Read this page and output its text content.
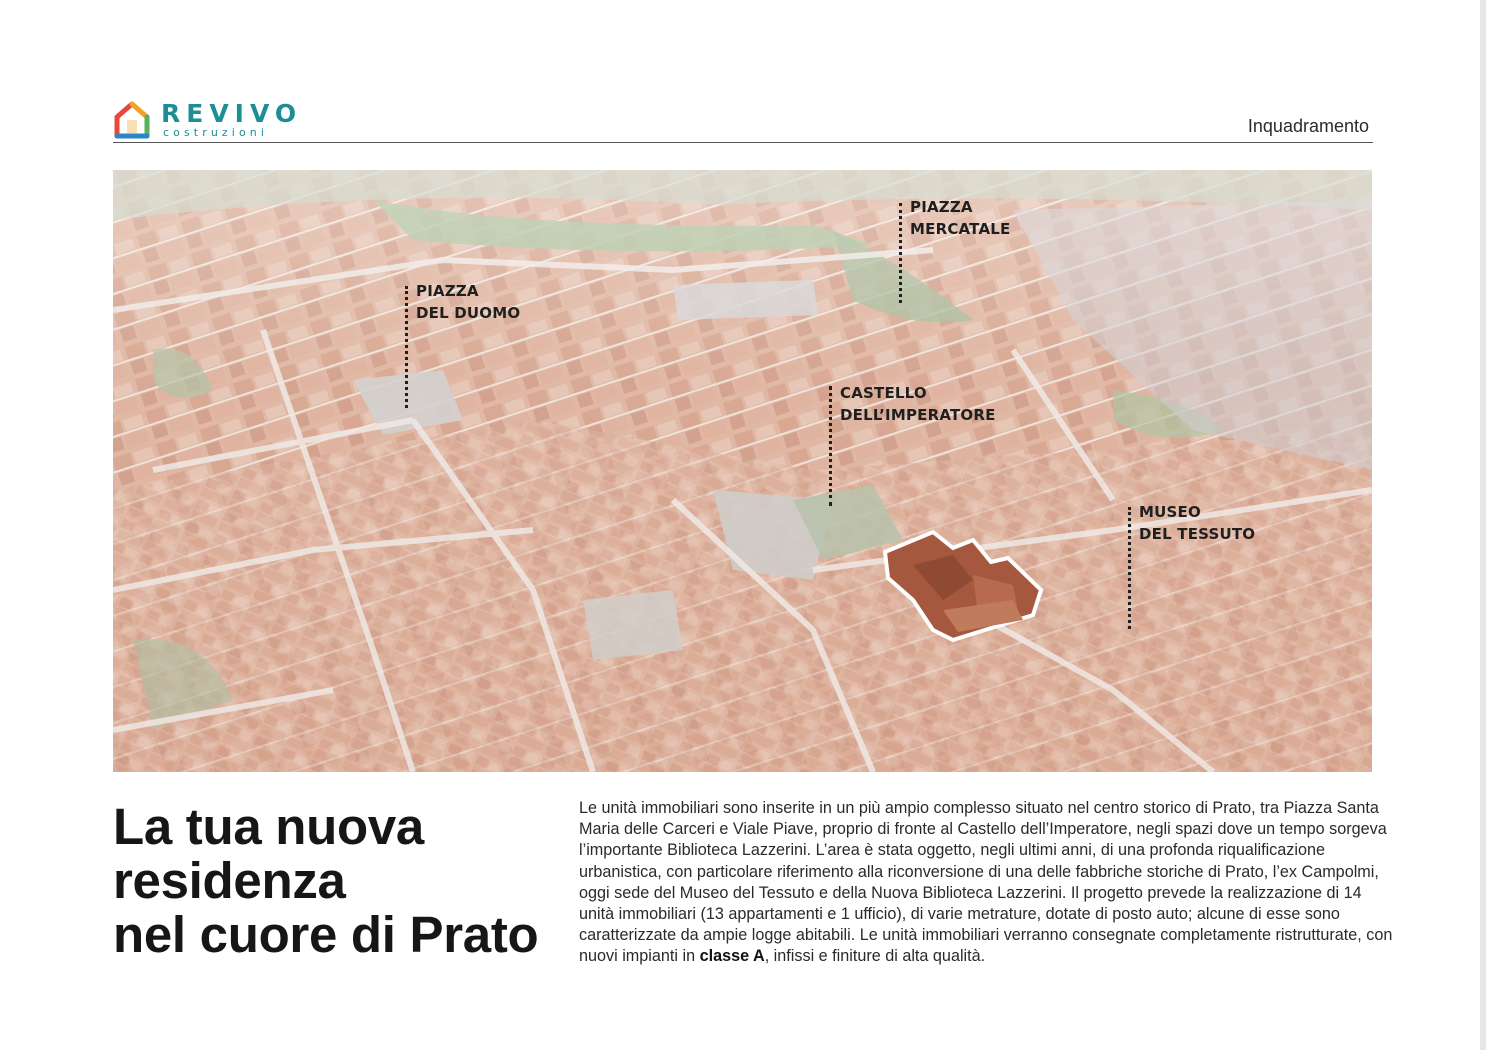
REVIVO
costruzioni	Inquadramento
PIAZZA
DEL DUOMO
PIAZZA
MERCATALE
CASTELLO
DELL’IMPERATORE
MUSEO
DEL TESSUTO
La tua nuova
residenza
nel cuore di Prato

Le unità immobiliari sono inserite in un più ampio complesso situato nel centro storico di Prato, tra Piazza Santa Maria delle Carceri e Viale Piave, proprio di fronte al Castello dell’Imperatore, negli spazi dove un tempo sorgeva l’importante Biblioteca Lazzerini. L’area è stata oggetto, negli ultimi anni, di una profonda riqualificazione urbanistica, con particolare riferimento alla riconversione di una delle fabbriche storiche di Prato, l’ex Campolmi, oggi sede del Museo del Tessuto e della Nuova Biblioteca Lazzerini. Il progetto prevede la realizzazione di 14 unità immobiliari (13 appartamenti e 1 ufficio), di varie metrature, dotate di posto auto; alcune di esse sono caratterizzate da ampie logge abitabili. Le unità immobiliari verranno consegnate completamente ristrutturate, con nuovi impianti in classe A, infissi e finiture di alta qualità.
